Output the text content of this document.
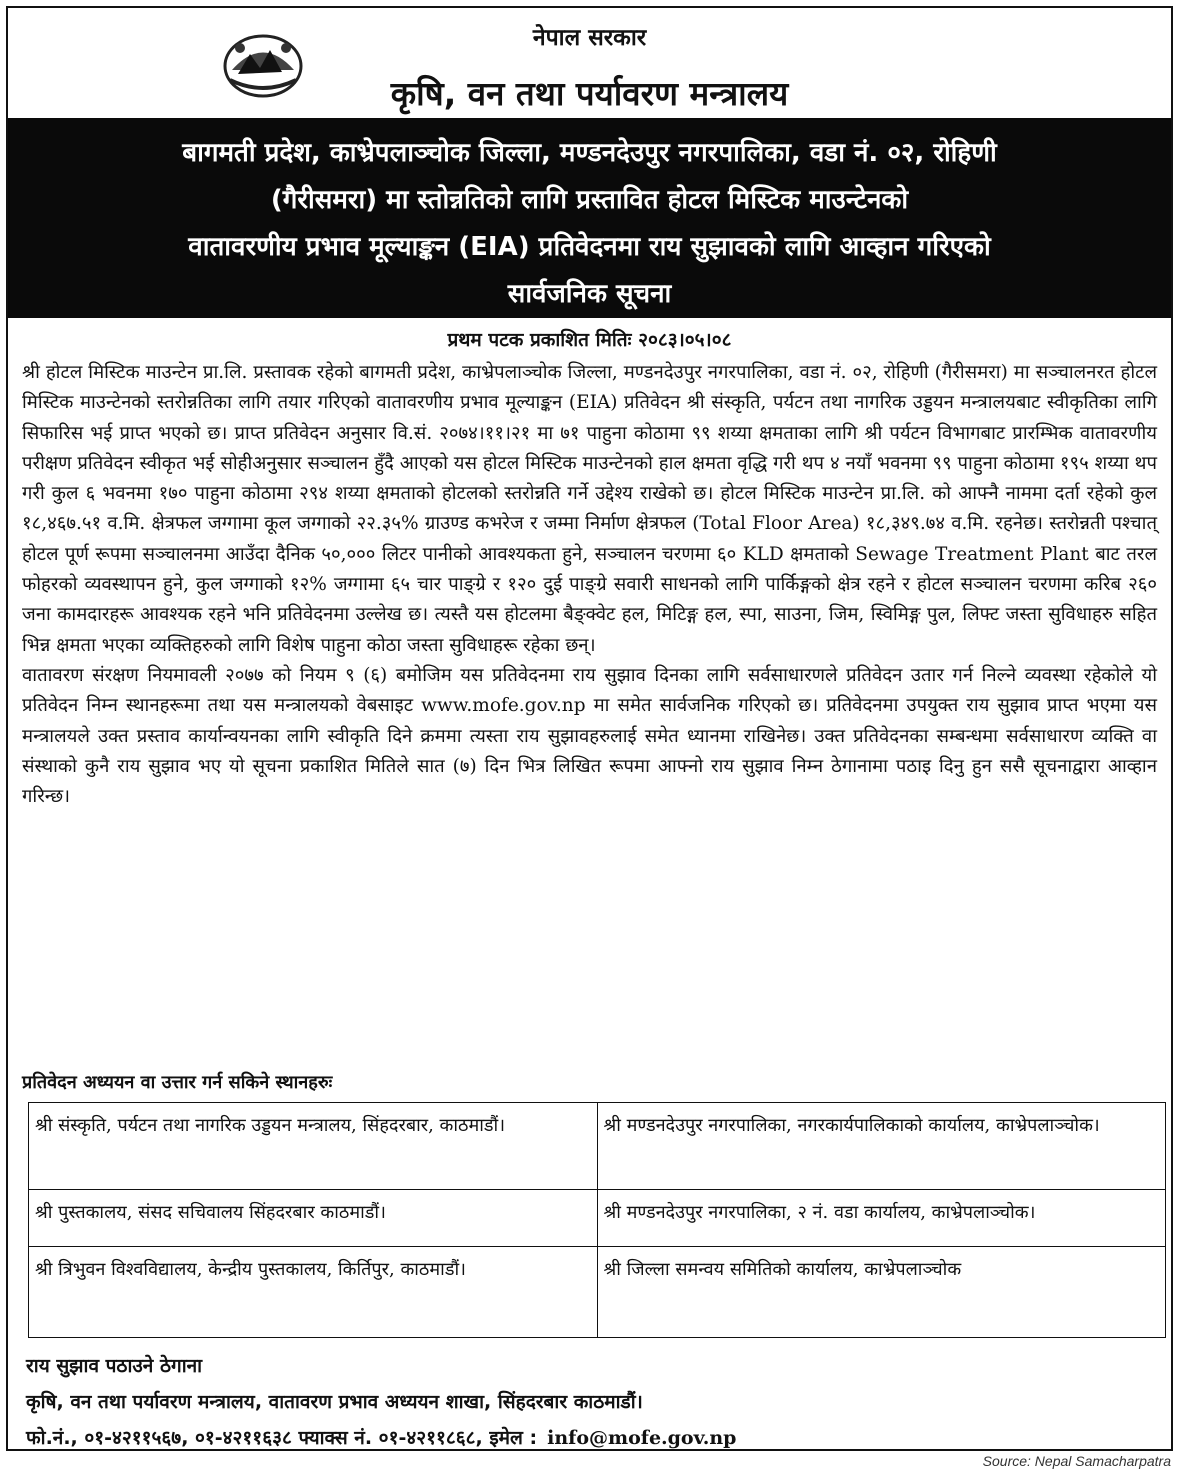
नेपाल सरकार
कृषि, वन तथा पर्यावरण मन्त्रालय
बागमती प्रदेश, काभ्रेपलाञ्चोक जिल्ला, मण्डनदेउपुर नगरपालिका, वडा नं. ०२, रोहिणी
(गैरीसमरा) मा स्तोन्नतिको लागि प्रस्तावित होटल मिस्टिक माउन्टेनको
वातावरणीय प्रभाव मूल्याङ्कन (EIA) प्रतिवेदनमा राय सुझावको लागि आव्हान गरिएको
सार्वजनिक सूचना
प्रथम पटक प्रकाशित मितिः २०८३।०५।०८

श्री होटल मिस्टिक माउन्टेन प्रा.लि. प्रस्तावक रहेको बागमती प्रदेश, काभ्रेपलाञ्चोक जिल्ला, मण्डनदेउपुर नगरपालिका, वडा नं. ०२, रोहिणी (गैरीसमरा) मा सञ्चालनरत होटल मिस्टिक माउन्टेनको स्तरोन्नतिका लागि तयार गरिएको वातावरणीय प्रभाव मूल्याङ्कन (EIA) प्रतिवेदन श्री संस्कृति, पर्यटन तथा नागरिक उड्डयन मन्त्रालयबाट स्वीकृतिका लागि सिफारिस भई प्राप्त भएको छ। प्राप्त प्रतिवेदन अनुसार वि.सं. २०७४।११।२१ मा ७१ पाहुना कोठामा ९९ शय्या क्षमताका लागि श्री पर्यटन विभागबाट प्रारम्भिक वातावरणीय परीक्षण प्रतिवेदन स्वीकृत भई सोहीअनुसार सञ्चालन हुँदै आएको यस होटल मिस्टिक माउन्टेनको हाल क्षमता वृद्धि गरी थप ४ नयाँ भवनमा ९९ पाहुना कोठामा १९५ शय्या थप गरी कुल ६ भवनमा १७० पाहुना कोठामा २९४ शय्या क्षमताको होटलको स्तरोन्नति गर्ने उद्देश्य राखेको छ। होटल मिस्टिक माउन्टेन प्रा.लि. को आफ्नै नाममा दर्ता रहेको कुल १८,४६७.५१ व.मि. क्षेत्रफल जग्गामा कूल जग्गाको २२.३५% ग्राउण्ड कभरेज र जम्मा निर्माण क्षेत्रफल (Total Floor Area) १८,३४९.७४ व.मि. रहनेछ। स्तरोन्नती पश्चात् होटल पूर्ण रूपमा सञ्चालनमा आउँदा दैनिक ५०,००० लिटर पानीको आवश्यकता हुने, सञ्चालन चरणमा ६० KLD क्षमताको Sewage Treatment Plant बाट तरल फोहरको व्यवस्थापन हुने, कुल जग्गाको १२% जग्गामा ६५ चार पाङ्ग्रे र १२० दुई पाङ्ग्रे सवारी साधनको लागि पार्किङ्गको क्षेत्र रहने र होटल सञ्चालन चरणमा करिब २६० जना कामदारहरू आवश्यक रहने भनि प्रतिवेदनमा उल्लेख छ। त्यस्तै यस होटलमा बैङ्क्वेट हल, मिटिङ्ग हल, स्पा, साउना, जिम, स्विमिङ्ग पुल, लिफ्ट जस्ता सुविधाहरु सहित भिन्न क्षमता भएका व्यक्तिहरुको लागि विशेष पाहुना कोठा जस्ता सुविधाहरू रहेका छन्।

वातावरण संरक्षण नियमावली २०७७ को नियम ९ (६) बमोजिम यस प्रतिवेदनमा राय सुझाव दिनका लागि सर्वसाधारणले प्रतिवेदन उतार गर्न निल्ने व्यवस्था रहेकोले यो प्रतिवेदन निम्न स्थानहरूमा तथा यस मन्त्रालयको वेबसाइट www.mofe.gov.np मा समेत सार्वजनिक गरिएको छ। प्रतिवेदनमा उपयुक्त राय सुझाव प्राप्त भएमा यस मन्त्रालयले उक्त प्रस्ताव कार्यान्वयनका लागि स्वीकृति दिने क्रममा त्यस्ता राय सुझावहरुलाई समेत ध्यानमा राखिनेछ। उक्त प्रतिवेदनका सम्बन्धमा सर्वसाधारण व्यक्ति वा संस्थाको कुनै राय सुझाव भए यो सूचना प्रकाशित मितिले सात (७) दिन भित्र लिखित रूपमा आफ्नो राय सुझाव निम्न ठेगानामा पठाइ दिनु हुन ससै सूचनाद्वारा आव्हान गरिन्छ।

प्रतिवेदन अध्ययन वा उत्तार गर्न सकिने स्थानहरुः
श्री संस्कृति, पर्यटन तथा नागरिक उड्डयन मन्त्रालय, सिंहदरबार, काठमाडौं।	श्री मण्डनदेउपुर नगरपालिका, नगरकार्यपालिकाको कार्यालय, काभ्रेपलाञ्चोक।
श्री पुस्तकालय, संसद सचिवालय सिंहदरबार काठमाडौं।	श्री मण्डनदेउपुर नगरपालिका, २ नं. वडा कार्यालय, काभ्रेपलाञ्चोक।
श्री त्रिभुवन विश्वविद्यालय, केन्द्रीय पुस्तकालय, किर्तिपुर, काठमाडौं।	श्री जिल्ला समन्वय समितिको कार्यालय, काभ्रेपलाञ्चोक
राय सुझाव पठाउने ठेगाना
कृषि, वन तथा पर्यावरण मन्त्रालय, वातावरण प्रभाव अध्ययन शाखा, सिंहदरबार काठमाडौं।
फो.नं., ०१-४२११५६७, ०१-४२११६३८ फ्याक्स नं. ०१-४२११८६८, इमेल : info@mofe.gov.np
Source: Nepal Samacharpatra
